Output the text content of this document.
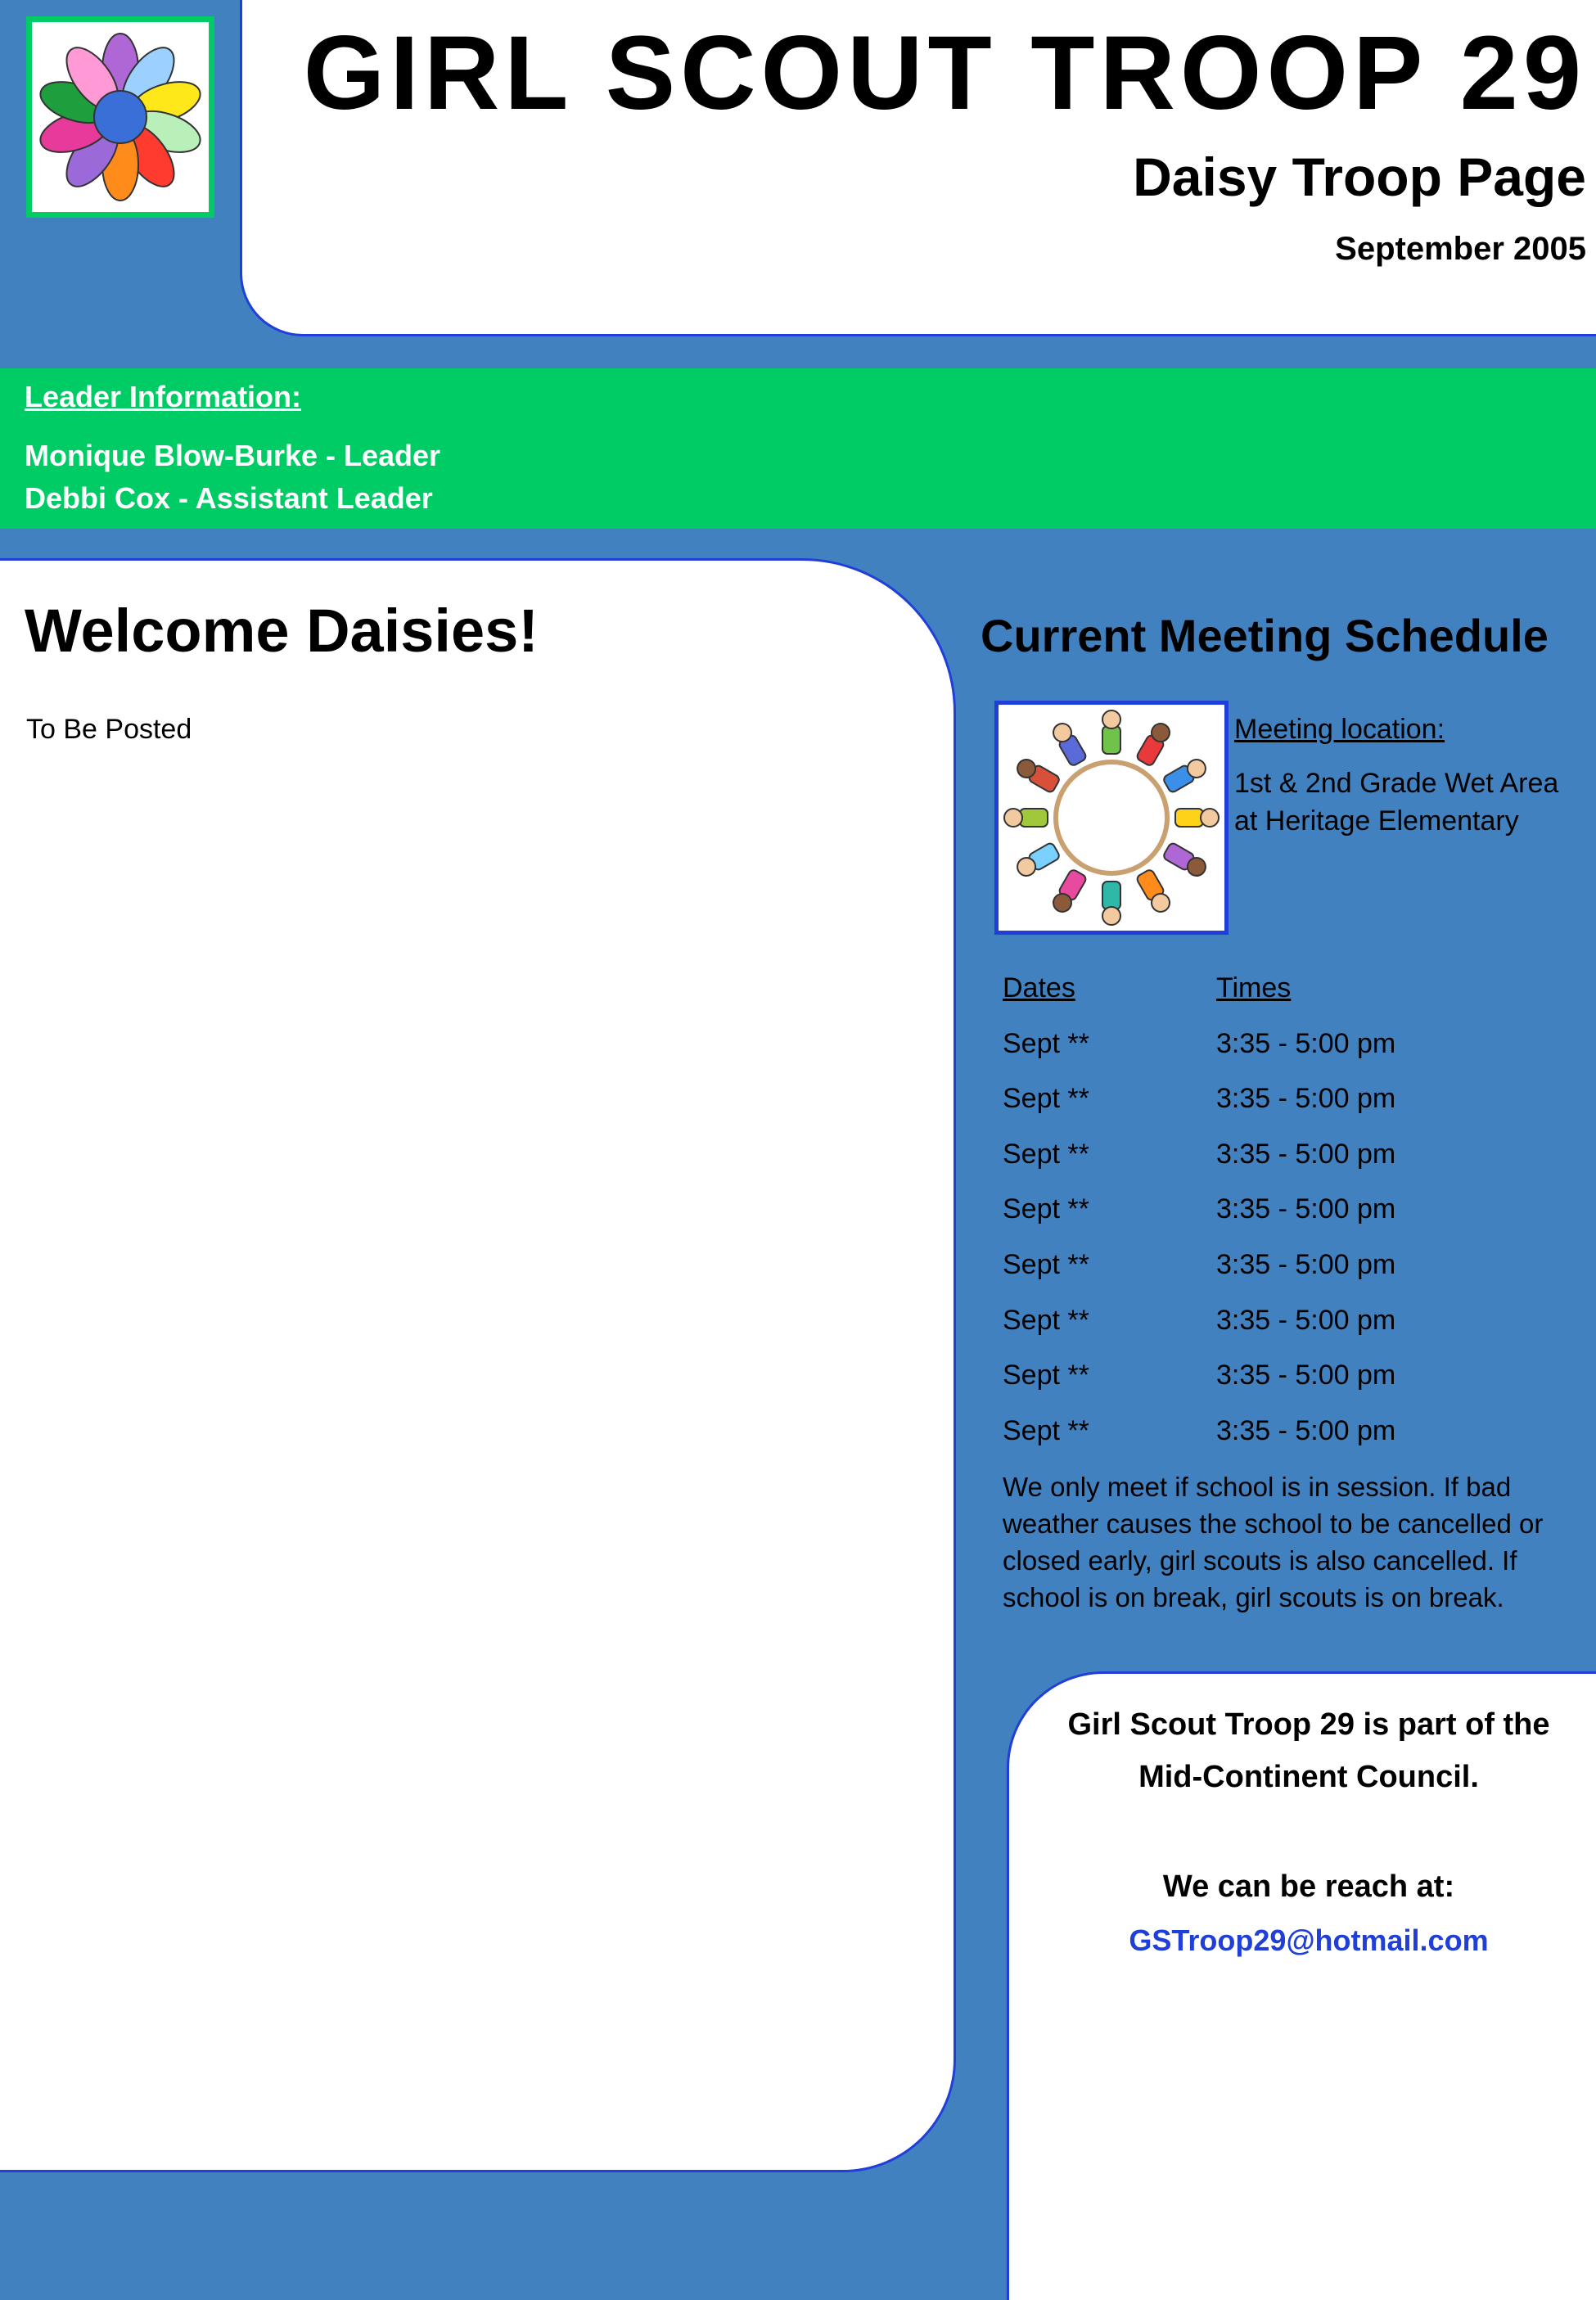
GIRL SCOUT TROOP 29
Daisy Troop Page
September 2005
Leader Information:
Monique Blow-Burke - Leader
Debbi Cox - Assistant Leader
Welcome Daisies!
To Be Posted
Current Meeting Schedule
Meeting location:
1st & 2nd Grade Wet Area
at Heritage Elementary
Dates	Times
Sept **	3:35 - 5:00 pm
Sept **	3:35 - 5:00 pm
Sept **	3:35 - 5:00 pm
Sept **	3:35 - 5:00 pm
Sept **	3:35 - 5:00 pm
Sept **	3:35 - 5:00 pm
Sept **	3:35 - 5:00 pm
Sept **	3:35 - 5:00 pm
We only meet if school is in session. If bad weather causes the school to be cancelled or closed early, girl scouts is also cancelled. If school is on break, girl scouts is on break.
Girl Scout Troop 29 is part of the
Mid-Continent Council.
We can be reach at:
GSTroop29@hotmail.com
